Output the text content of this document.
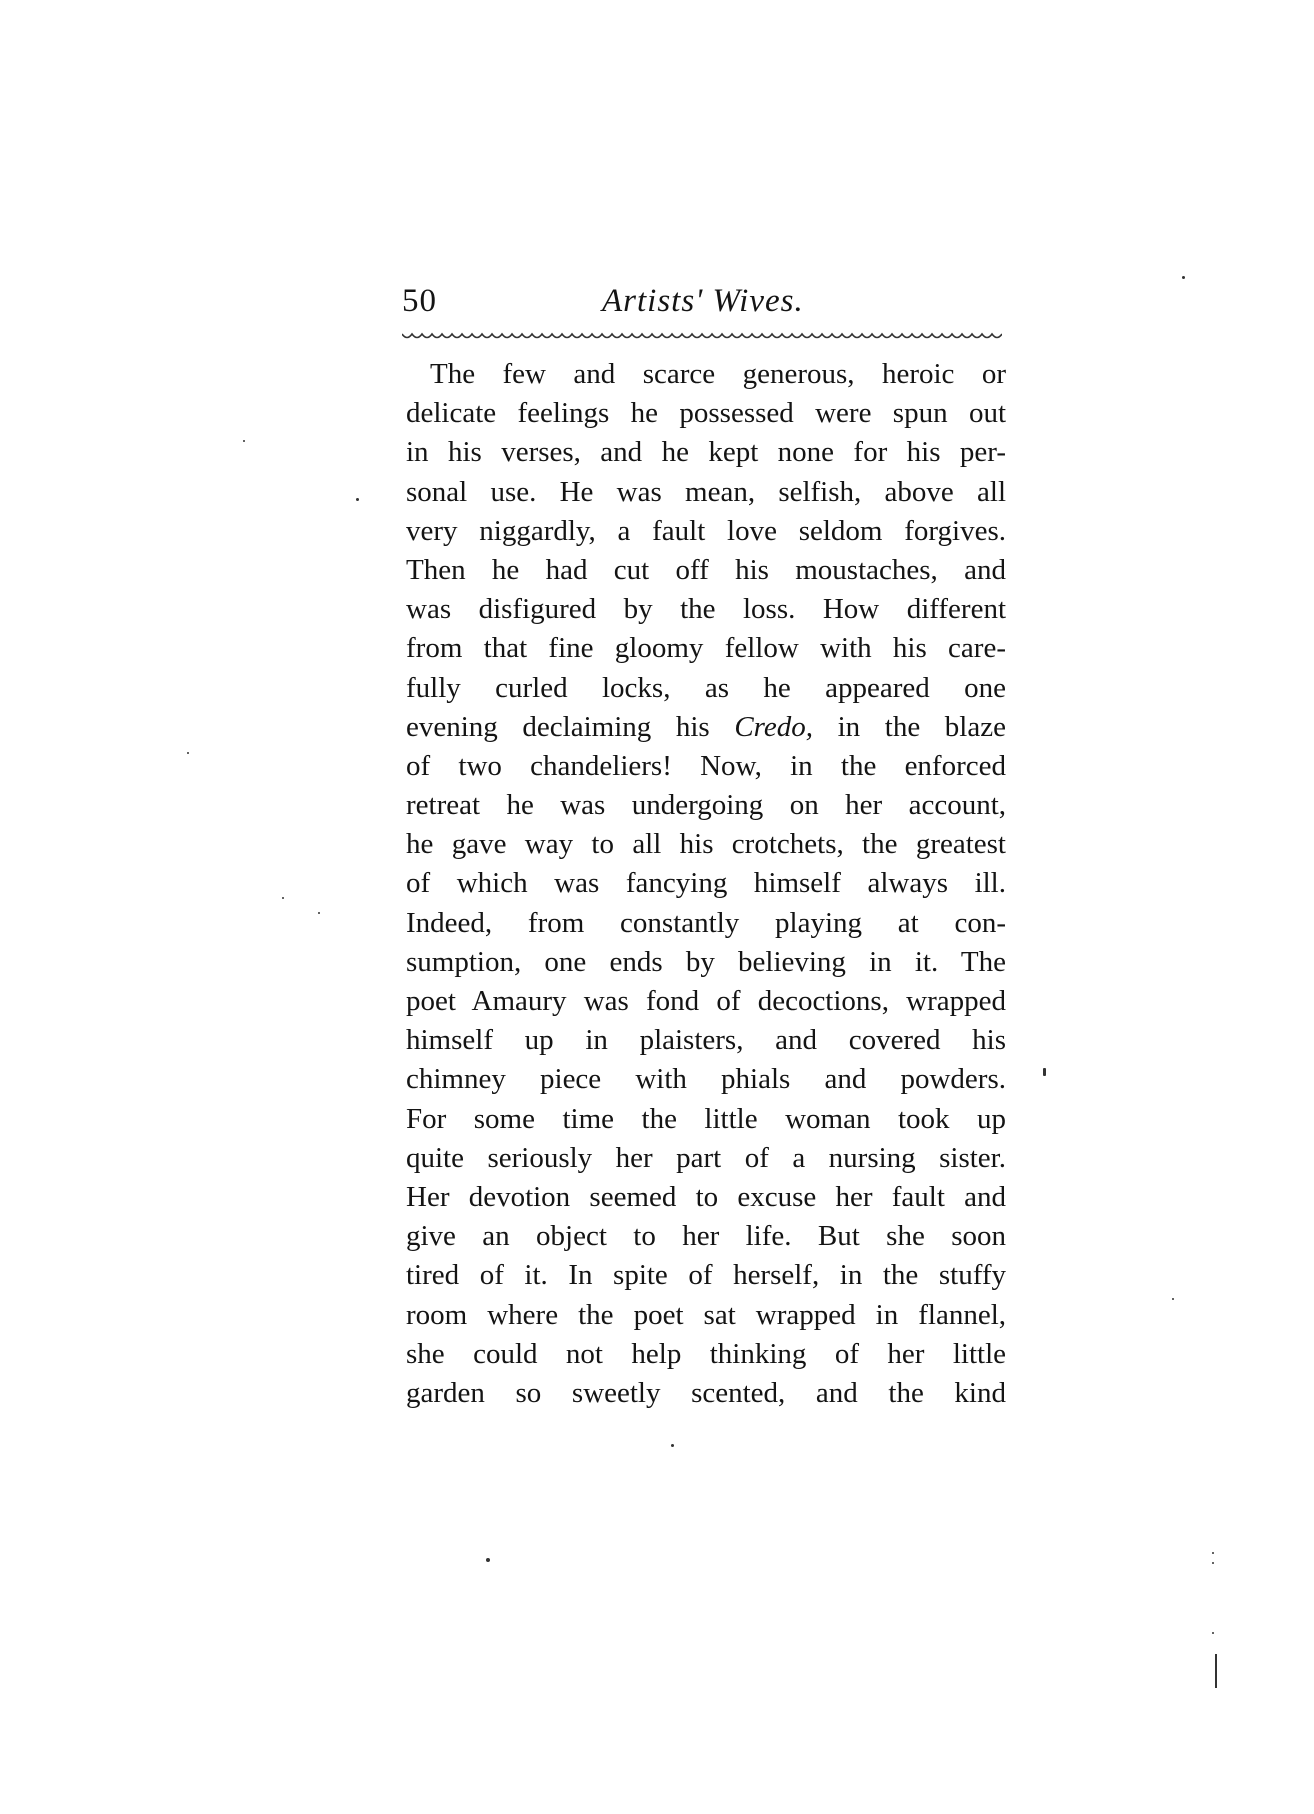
50	Artists' Wives.
The few and scarce generous, heroic or
delicate feelings he possessed were spun out
in his verses, and he kept none for his per-
sonal use. He was mean, selfish, above all
very niggardly, a fault love seldom forgives.
Then he had cut off his moustaches, and
was disfigured by the loss. How different
from that fine gloomy fellow with his care-
fully curled locks, as he appeared one
evening declaiming his Credo, in the blaze
of two chandeliers! Now, in the enforced
retreat he was undergoing on her account,
he gave way to all his crotchets, the greatest
of which was fancying himself always ill.
Indeed, from constantly playing at con-
sumption, one ends by believing in it. The
poet Amaury was fond of decoctions, wrapped
himself up in plaisters, and covered his
chimney piece with phials and powders.
For some time the little woman took up
quite seriously her part of a nursing sister.
Her devotion seemed to excuse her fault and
give an object to her life. But she soon
tired of it. In spite of herself, in the stuffy
room where the poet sat wrapped in flannel,
she could not help thinking of her little
garden so sweetly scented, and the kind
